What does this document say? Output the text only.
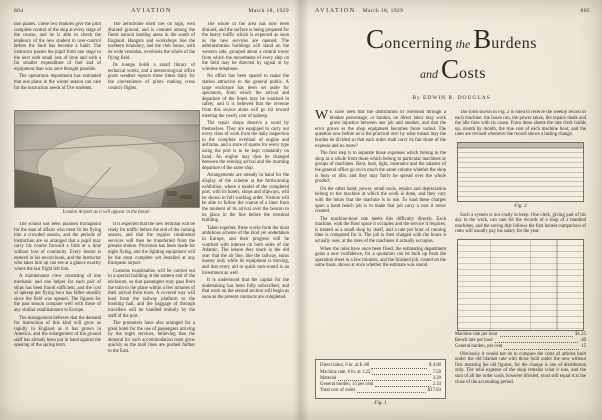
804	AVIATION	March 18, 1929

tion planes. These two features give the pilot complete control of the ship at every stage of the course, and he is able to check the tendency of the new student to over-control before the fault has become a habit. The instructor passes the pupil from one stage to the next with small loss of time and with a far smaller expenditure of fuel and of equipment than was once thought possible.

The operations department has estimated that one plane in the winter season can care for the instruction needs of five students.

The school has been planned throughout for the man of affairs who must fit his flying into a crowded season, and the periods of instruction are so arranged that a pupil may carry his course forward a little at a time without loss of continuity. Every lesson is entered in his record book, and the instructor who takes him up can see at a glance exactly where the last flight left him.

A maintenance crew consisting of one mechanic and one helper for each pair of ships has been found sufficient, and the cost of upkeep per flying hour has fallen steadily since the field was opened. The figures for the past season compare well with those of any similar establishment in Europe.

The management believes that the demand for instruction of this kind will grow as rapidly in England as it has grown in America, and the enlargement of the ground staff has already been put in hand against the opening of the spring term.

The aerodrome itself lies on high, well drained ground, and is counted among the finest natural landing areas in the south of England. Hangars and workshops line the northern boundary, and the club house, with its wide verandas, overlooks the whole of the flying field.

Its lounge holds a small library of technical works, and a meteorological office posts weather reports three times daily for the convenience of pilots making cross country flights.

It is expected that the new terminal will be ready for traffic before the end of the coming season, and that the regular continental services will then be transferred from the present station. Provision has been made for night flying, and the lighting equipment will be the most complete yet installed at any European airport.

Customs examination will be carried out in a special building at the eastern end of the enclosure, so that passengers may pass from the train to the plane within a few minutes of their arrival from town. A covered way will lead from the railway platform to the booking hall, and the baggage of through travellers will be handled entirely by the staff of the port.

The promoters have also arranged for a great hotel for the use of passengers arriving by the night services, believing that the demand for such accommodation must grow quickly as the mail lines are pushed farther to the East.

The whole of the area has now been drained, and the surface is being prepared for the heavy traffic which is expected as soon as the new services are opened. The administration buildings will stand on the western side, grouped about a central tower from which the movements of every ship on the field may be directed by signal or by wireless telephone.

No effort has been spared to make the station attractive to the general public. A large enclosure has been set aside for spectators, from which the arrival and departure of the liners may be watched in safety, and it is believed that the revenue from this source alone will go far toward meeting the yearly cost of upkeep.

The repair shops deserve a word by themselves. They are equipped to carry out every class of work from the daily inspection to the complete overhaul of engine and airframe, and a store of spares for every type using the port is to be kept constantly on hand. An engine may thus be changed between the evening arrival and the morning departure of the same ship.

Arrangements are already in hand for the display of the scheme at the forthcoming exhibition, where a model of the completed port, with its hotels, shops and slipways, will be shown in full working order. Visitors will be able to follow the course of a liner from the moment of its arrival over the beacon to its place in the line before the terminal building.

Taken together, these works form the most ambitious scheme of the kind yet undertaken in Europe, and their progress will be watched with interest on both sides of the Atlantic. The lesson they teach is the old one: that the air line, like the railway, earns money only while its equipment is moving, and that every aid to quick turn-round is an investment as well.

It is understood that the capital for the undertaking has been fully subscribed, and that work on the second section will begin as soon as the present contracts are completed.

London Airport as it will appear in the future
AVIATION March 18, 1929	805
Concerning the Burdens
and Costs
By EDWIN R. DOUGLAS

W E have seen that the distribution of overhead through a blanket percentage, or burden, on direct labor may work grave injustice between one job and another, and that the error grows as the shop equipment becomes more varied. The question now before us is the practical one: by what means may the burden be divided so that each order shall carry its fair share of the expense and no more?

The first step is to separate those expenses which belong to the shop as a whole from those which belong to particular machines or groups of machines. Rent, heat, light, insurance and the salaries of the general office go on in much the same volume whether the shop is busy or idle, and they may fairly be spread over the whole product.

On the other hand, power, small tools, repairs and depreciation belong to the machine at which the work is done, and they vary with the hours that the machine is in use. To load these charges upon a hand bench job is to make that job carry a cost it never created.

The machine-hour rate meets this difficulty directly. Each machine, with the floor space it occupies and the service it requires, is treated as a small shop by itself, and a rate per hour of running time is computed for it. The job is then charged with the hours it actually uses, at the rates of the machines it actually occupies.

When the rates have once been fixed, the estimating department gains a new confidence, for a quotation can be built up from the operation sheet in a few minutes, and the finished job, costed on the same basis, shows at once whether the estimate was sound.

Direct labor, 6 hr. at $ .80	$ 4.80
Machine rate, 6 hr. at 1.25	7.50
Material	3.20
General burden, 15 per cent	2.33
Total cost of order	$17.83
Fig. 1

The form shown in Fig. 2 is ruled to receive the weekly record of each machine: the hours run, the power taken, the repairs made and the idle time with its cause. From these sheets the rate clerk builds up, month by month, the true cost of each machine hour, and the rates are revised whenever the record shows a lasting change.

Fig. 2

Such a system is not costly to keep. One clerk, giving part of his day to the work, can care for the records of a shop of a hundred machines, and the saving that follows the first honest comparison of rates will usually pay his salary for the year.

Machine rate per hour	$1.25
Bench rate per hour	.40
General burden, per cent	15

Obviously it would not do to compare the costs of articles built under the old blanket rate with those built under the new without first restating the old figures, for the change is one of distribution only. The total expense of the shop remains what it was, and the sum of all the order costs, however divided, must still equal it at the close of the accounting period.
